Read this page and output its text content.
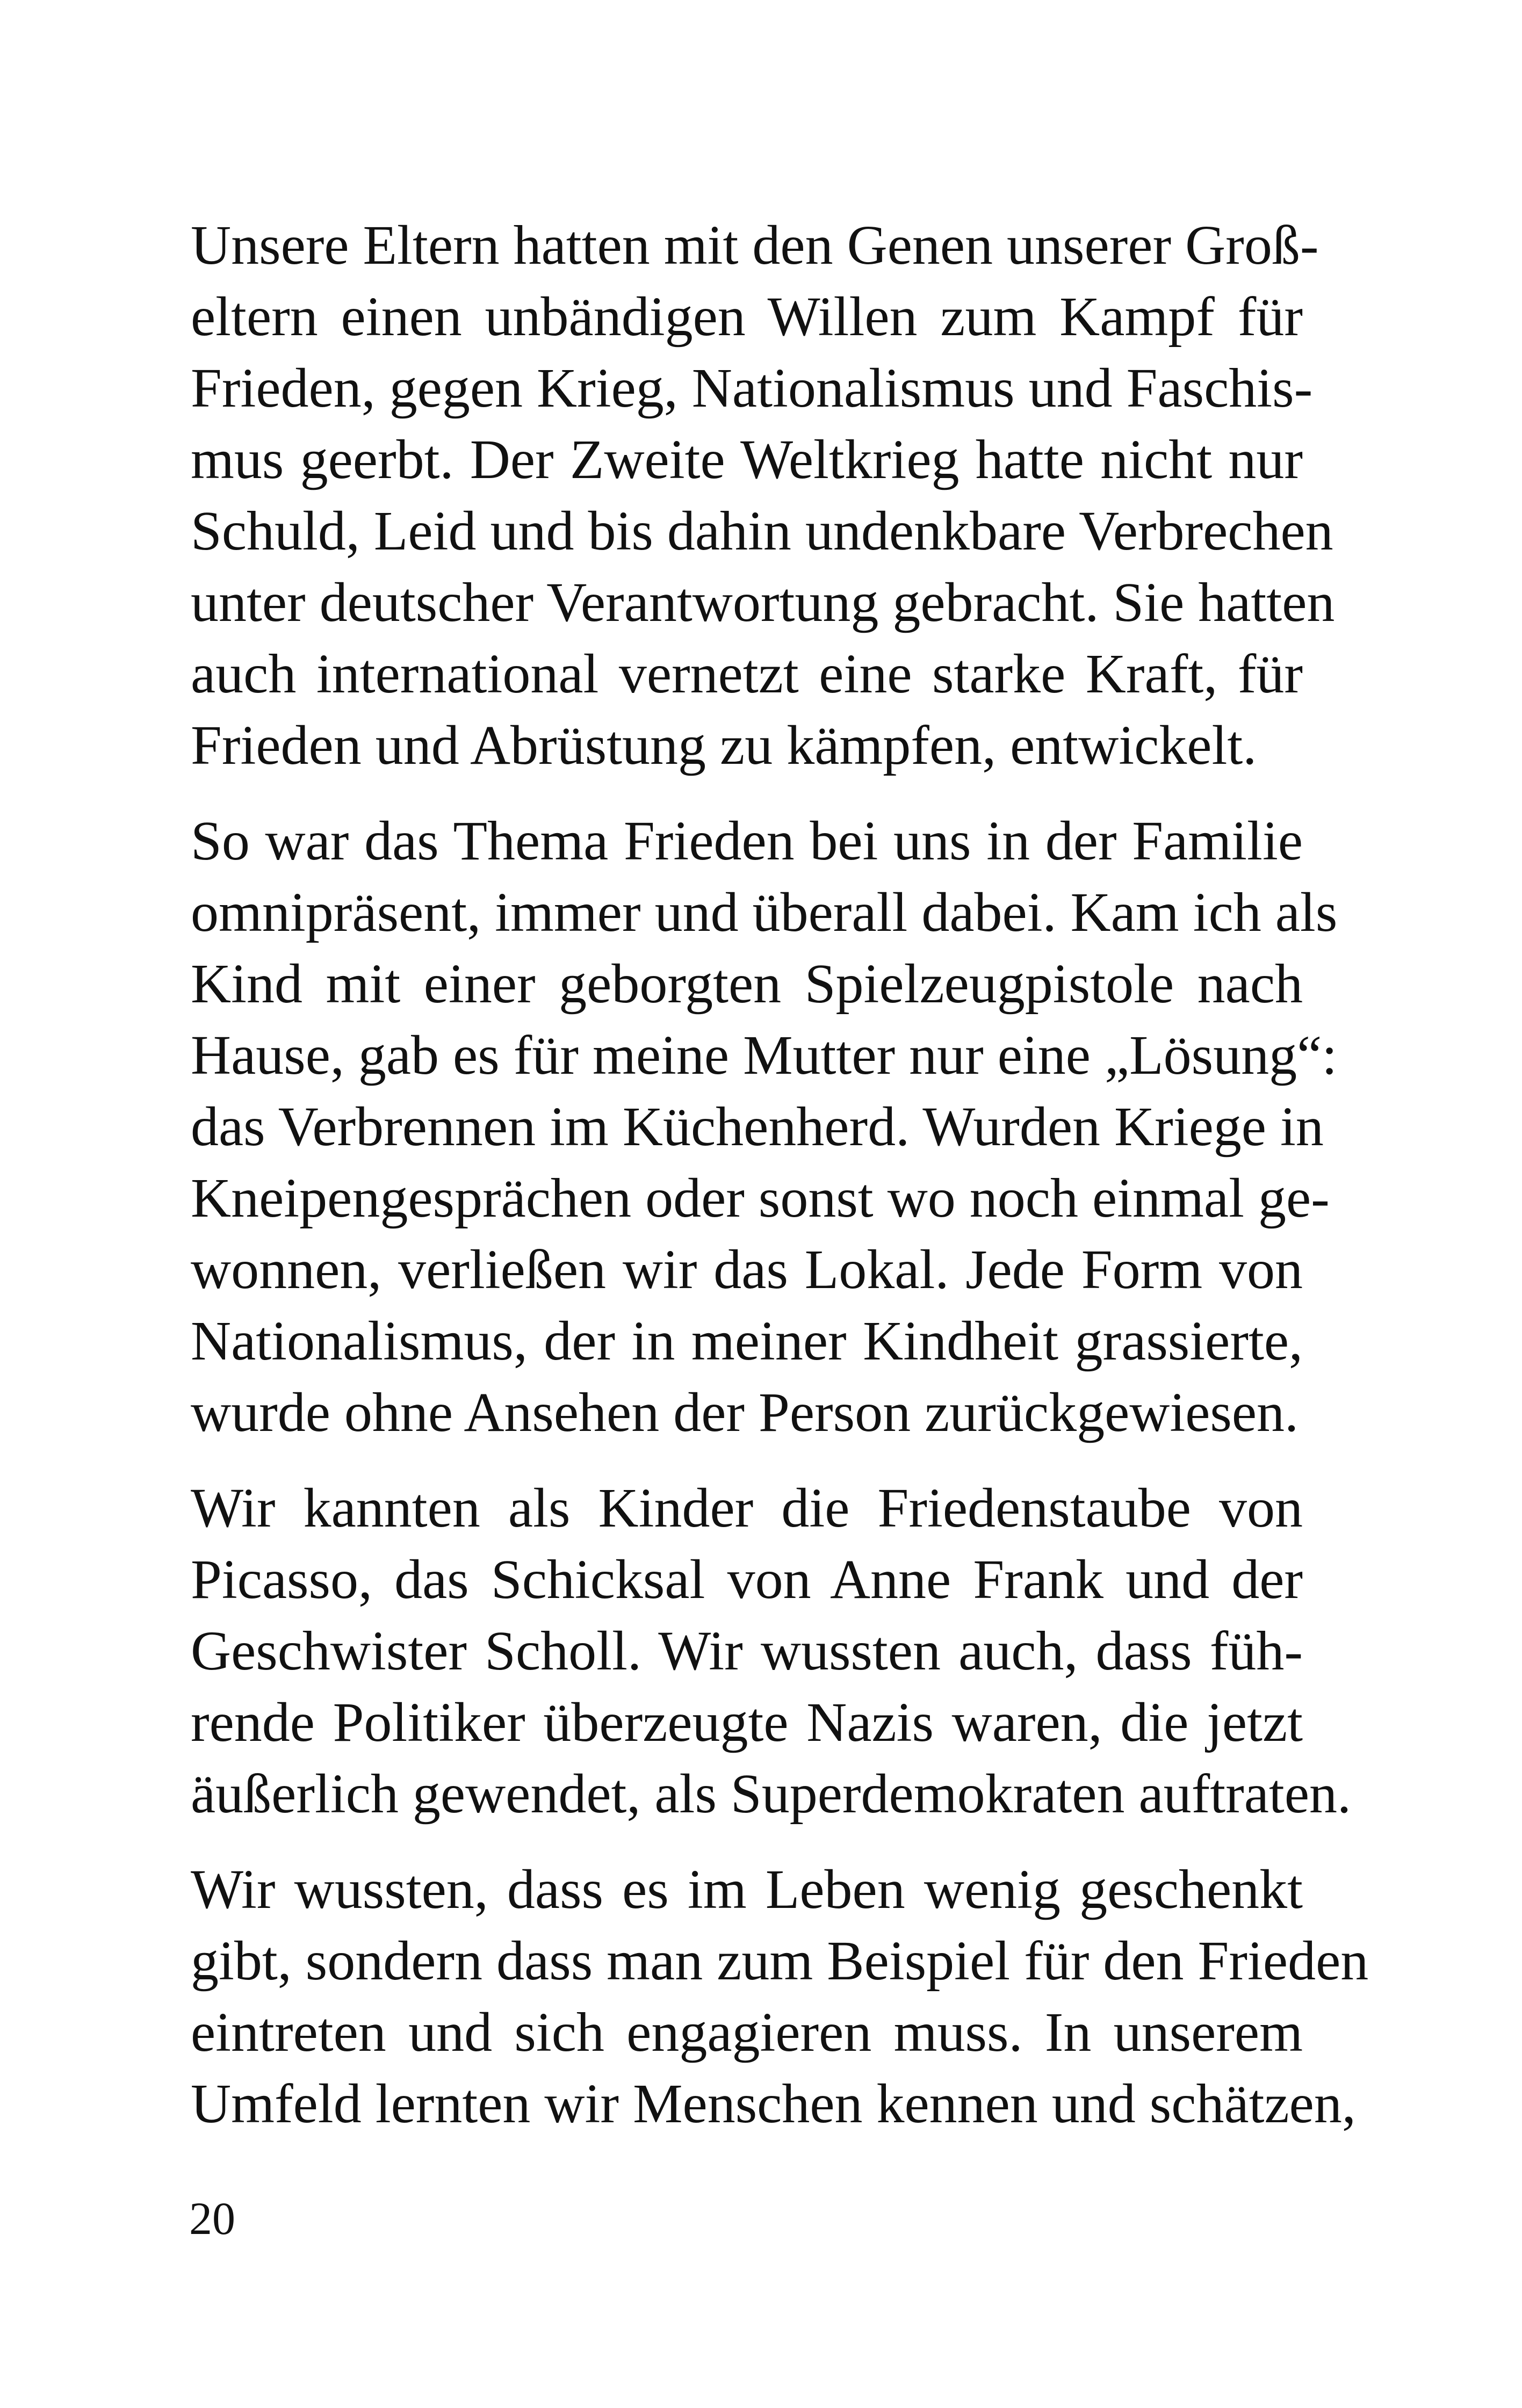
Unsere Eltern hatten mit den Genen unserer Groß-
eltern einen unbändigen Willen zum Kampf für
Frieden, gegen Krieg, Nationalismus und Faschis-
mus geerbt. Der Zweite Weltkrieg hatte nicht nur
Schuld, Leid und bis dahin undenkbare Verbrechen
unter deutscher Verantwortung gebracht. Sie hatten
auch international vernetzt eine starke Kraft, für
Frieden und Abrüstung zu kämpfen, entwickelt.
So war das Thema Frieden bei uns in der Familie
omnipräsent, immer und überall dabei. Kam ich als
Kind mit einer geborgten Spielzeugpistole nach
Hause, gab es für meine Mutter nur eine „Lösung“:
das Verbrennen im Küchenherd. Wurden Kriege in
Kneipengesprächen oder sonst wo noch einmal ge-
wonnen, verließen wir das Lokal. Jede Form von
Nationalismus, der in meiner Kindheit grassierte,
wurde ohne Ansehen der Person zurückgewiesen.
Wir kannten als Kinder die Friedenstaube von
Picasso, das Schicksal von Anne Frank und der
Geschwister Scholl. Wir wussten auch, dass füh-
rende Politiker überzeugte Nazis waren, die jetzt
äußerlich gewendet, als Superdemokraten auftraten.
Wir wussten, dass es im Leben wenig geschenkt
gibt, sondern dass man zum Beispiel für den Frieden
eintreten und sich engagieren muss. In unserem
Umfeld lernten wir Menschen kennen und schätzen,
20
